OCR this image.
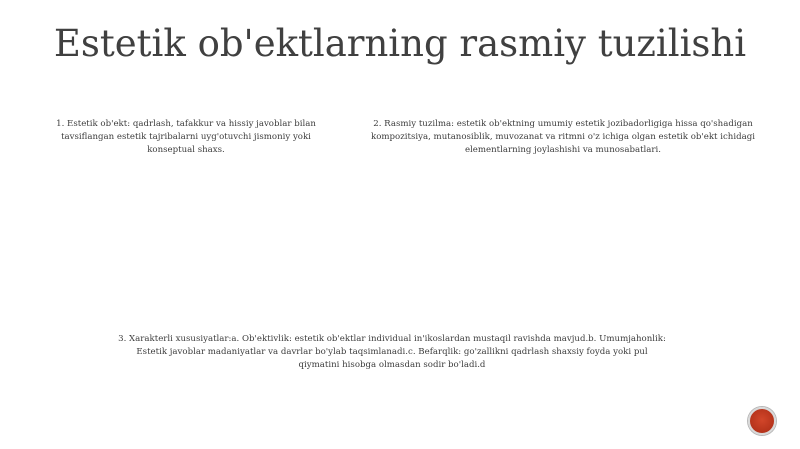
Estetik ob'ektlarning rasmiy tuzilishi
1. Estetik ob'ekt: qadrlash, tafakkur va hissiy javoblar bilan tavsiflangan estetik tajribalarni uyg'otuvchi jismoniy yoki konseptual shaxs.
2. Rasmiy tuzilma: estetik ob'ektning umumiy estetik jozibadorligiga hissa qo'shadigan kompozitsiya, mutanosiblik, muvozanat va ritmni o'z ichiga olgan estetik ob'ekt ichidagi elementlarning joylashishi va munosabatlari.
3. Xarakterli xususiyatlar:a. Ob'ektivlik: estetik ob'ektlar individual in'ikoslardan mustaqil ravishda mavjud.b. Umumjahonlik: Estetik javoblar madaniyatlar va davrlar bo'ylab taqsimlanadi.c. Befarqlik: go'zallikni qadrlash shaxsiy foyda yoki pul qiymatini hisobga olmasdan sodir bo'ladi.d
